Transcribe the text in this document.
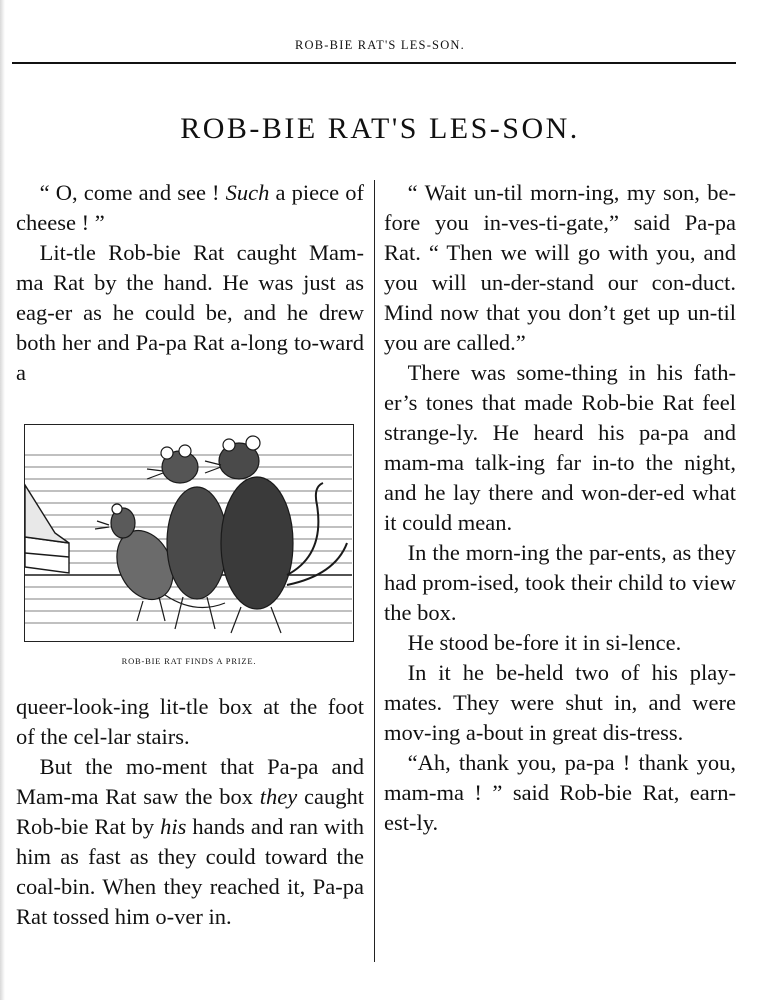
ROB-BIE RAT'S LES-SON.
ROB-BIE RAT'S LES-SON.

“ O, come and see ! Such a piece of cheese ! ”

Lit-tle Rob-bie Rat caught Mam-ma Rat by the hand. He was just as eag-er as he could be, and he drew both her and Pa-pa Rat a-long to-ward a

ROB-BIE RAT FINDS A PRIZE.

queer-look-ing lit-tle box at the foot of the cel-lar stairs.

But the mo-ment that Pa-pa and Mam-ma Rat saw the box they caught Rob-bie Rat by his hands and ran with him as fast as they could toward the coal-bin. When they reached it, Pa-pa Rat tossed him o-ver in.

“ Wait un-til morn-ing, my son, be-fore you in-ves-ti-gate,” said Pa-pa Rat. “ Then we will go with you, and you will un-der-stand our con-duct. Mind now that you don’t get up un-til you are called.”

There was some-thing in his fath-er’s tones that made Rob-bie Rat feel strange-ly. He heard his pa-pa and mam-ma talk-ing far in-to the night, and he lay there and won-der-ed what it could mean.

In the morn-ing the par-ents, as they had prom-ised, took their child to view the box.

He stood be-fore it in si-lence.

In it he be-held two of his play-mates. They were shut in, and were mov-ing a-bout in great dis-tress.

“Ah, thank you, pa-pa ! thank you, mam-ma ! ” said Rob-bie Rat, earn-est-ly.
